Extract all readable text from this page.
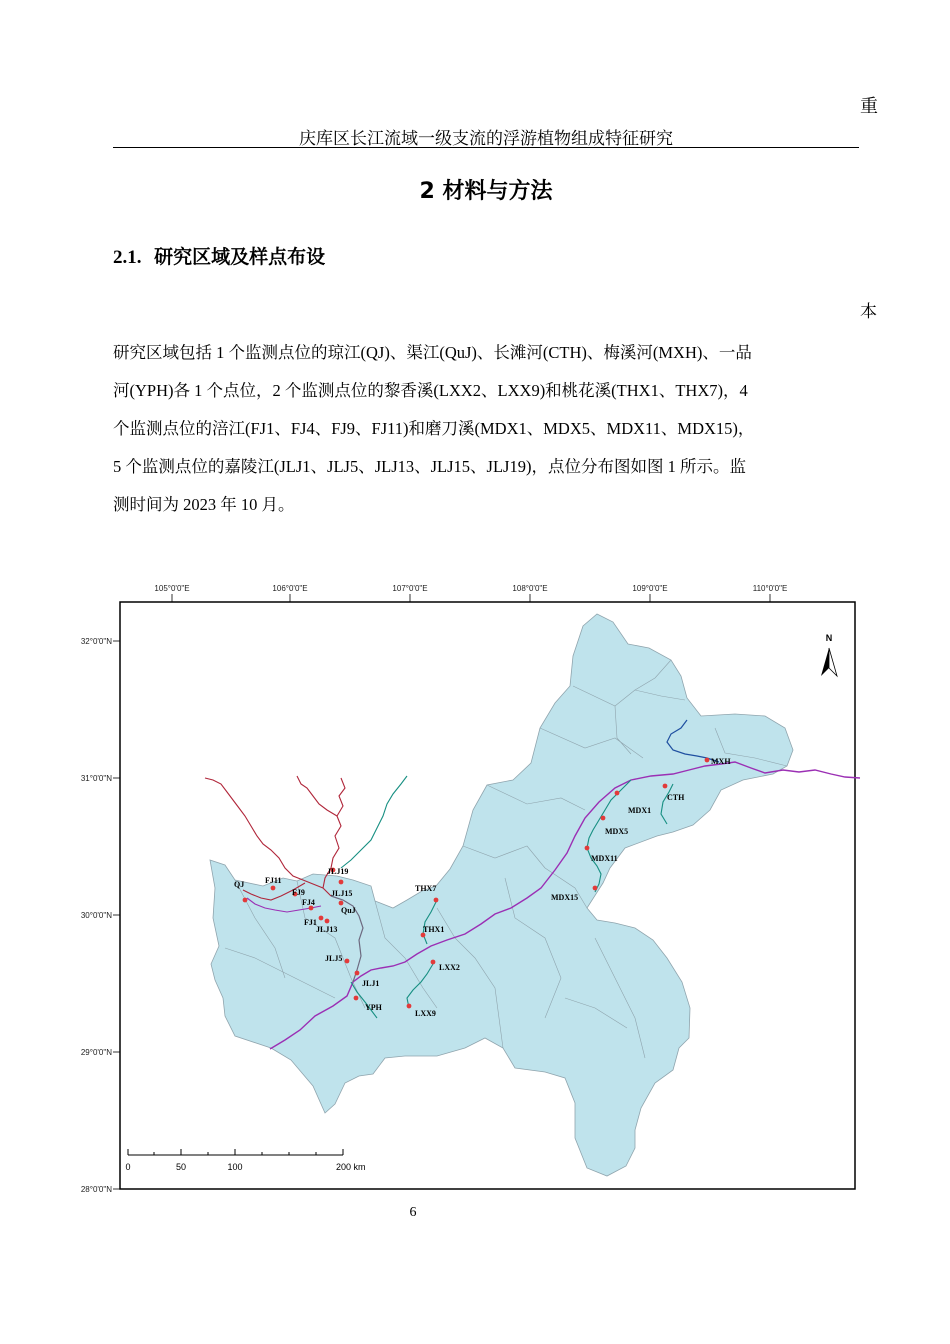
重
庆库区长江流域一级支流的浮游植物组成特征研究
2 材料与方法
2.1. 研究区域及样点布设
本

研究区域包括 1 个监测点位的琼江(QJ)、渠江(QuJ)、长滩河(CTH)、梅溪河(MXH)、一品

河(YPH)各 1 个点位，2 个监测点位的黎香溪(LXX2、LXX9)和桃花溪(THX1、THX7)，4

个监测点位的涪江(FJ1、FJ4、FJ9、FJ11)和磨刀溪(MDX1、MDX5、MDX11、MDX15)，

5 个监测点位的嘉陵江(JLJ1、JLJ5、JLJ13、JLJ15、JLJ19)，点位分布图如图 1 所示。监

测时间为 2023 年 10 月。

105°0'0"E	106°0'0"E	107°0'0"E	108°0'0"E	109°0'0"E	110°0'0"E
32°0'0"N
31°0'0"N
30°0'0"N
29°0'0"N
28°0'0"N
MXH
CTH
MDX1
MDX5
MDX11
MDX15
THX7
THX1
LXX2
LXX9
YPH
JLJ1
JLJ5
JLJ13
JLJ15
JLJ19
QuJ
FJ1
FJ4
FJ9
FJ11
QJ
N
0	50	100	200 km
6
